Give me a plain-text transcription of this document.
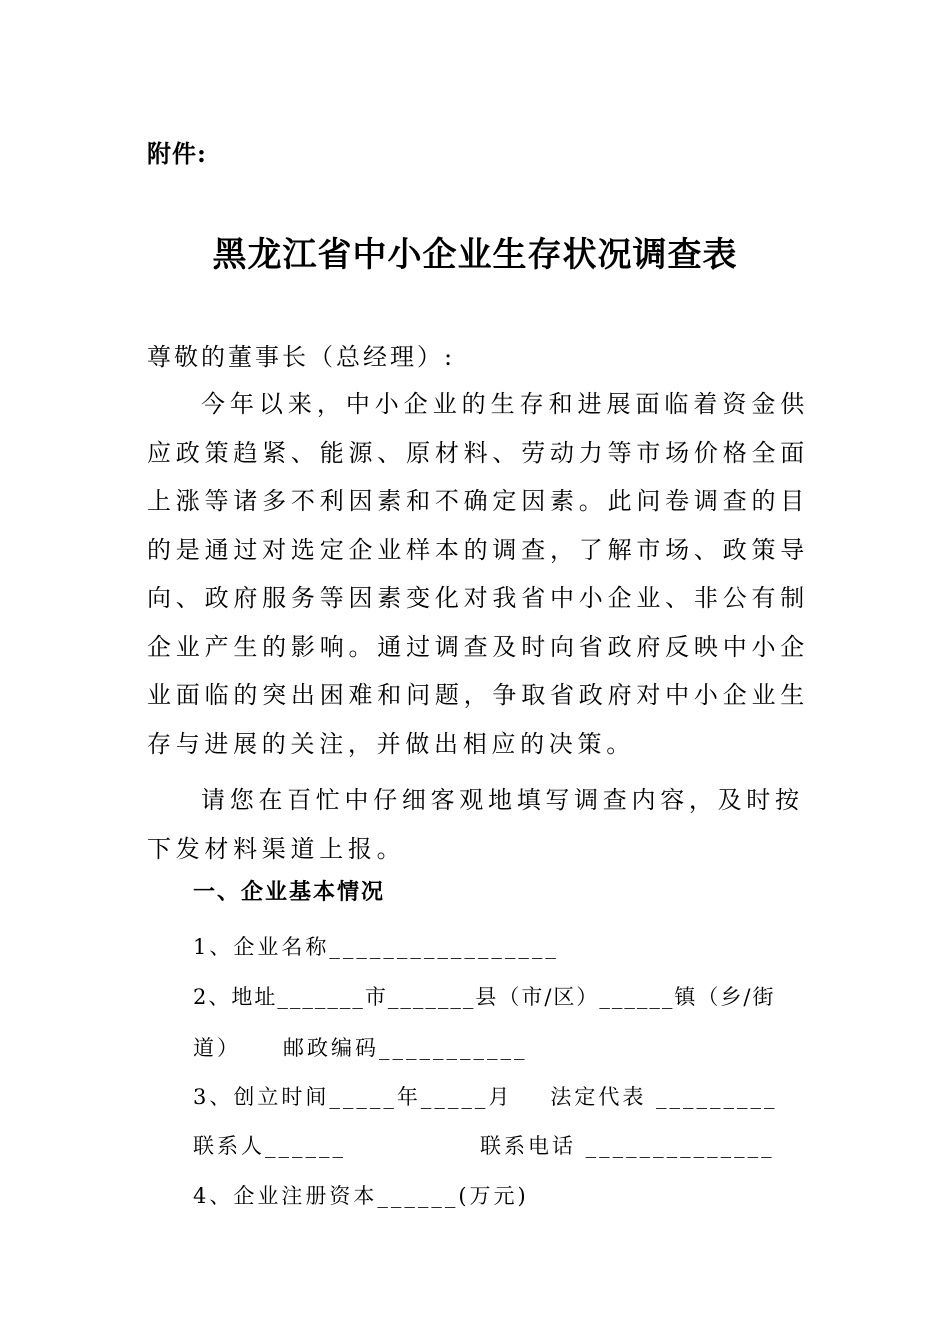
附件:
黑龙江省中小企业生存状况调查表
尊敬的董事长（总经理）:
今年以来，中小企业的生存和进展面临着资金供应政策趋紧、能源、原材料、劳动力等市场价格全面上涨等诸多不利因素和不确定因素。此问卷调查的目的是通过对选定企业样本的调查，了解市场、政策导向、政府服务等因素变化对我省中小企业、非公有制企业产生的影响。通过调查及时向省政府反映中小企业面临的突出困难和问题，争取省政府对中小企业生存与进展的关注，并做出相应的决策。
请您在百忙中仔细客观地填写调查内容，及时按下发材料渠道上报。
一、企业基本情况
1、企业名称_________________
2、地址_______市_______县（市/区）______镇（乡/街
道） 邮政编码___________
3、创立时间_____年_____月 法定代表 _________
联系人______	联系电话 ______________
4、企业注册资本______(万元)
